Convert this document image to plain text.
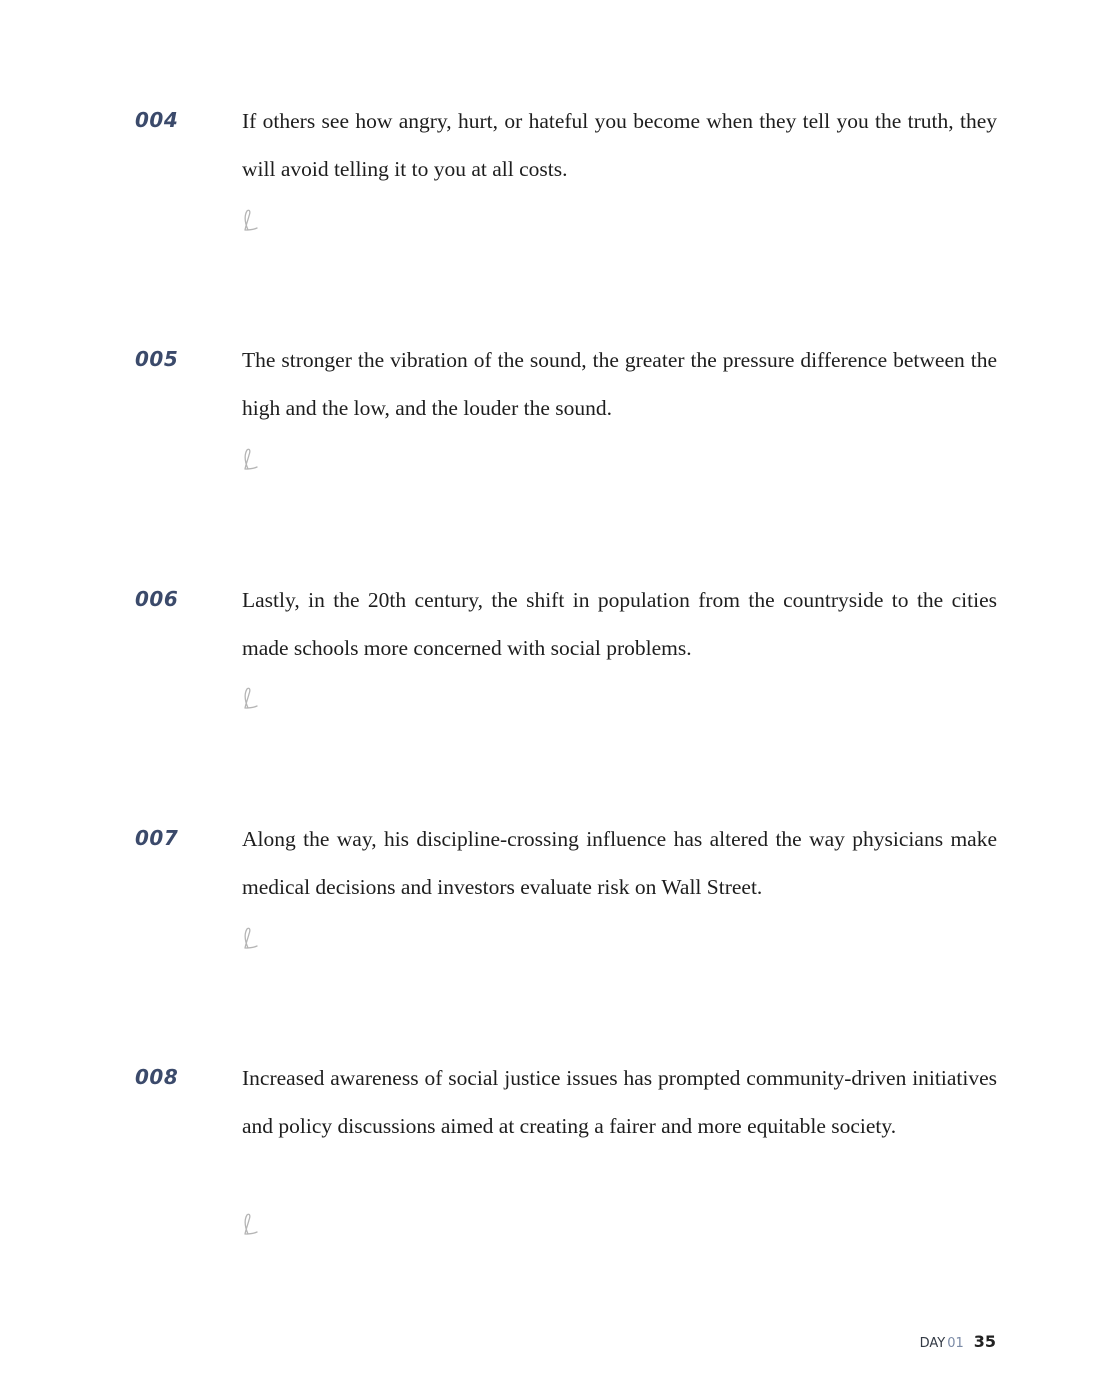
004	If others see how angry, hurt, or hateful you become when they tell you the truth, they will avoid telling it to you at all costs.

005	The stronger the vibration of the sound, the greater the pressure difference between the high and the low, and the louder the sound.

006	Lastly, in the 20th century, the shift in population from the countryside to the cities made schools more concerned with social problems.

007	Along the way, his discipline-crossing influence has altered the way physicians make medical decisions and investors evaluate risk on Wall Street.

008	Increased awareness of social justice issues has prompted community-driven initiatives and policy discussions aimed at creating a fairer and more equitable society.

DAY 01 35
